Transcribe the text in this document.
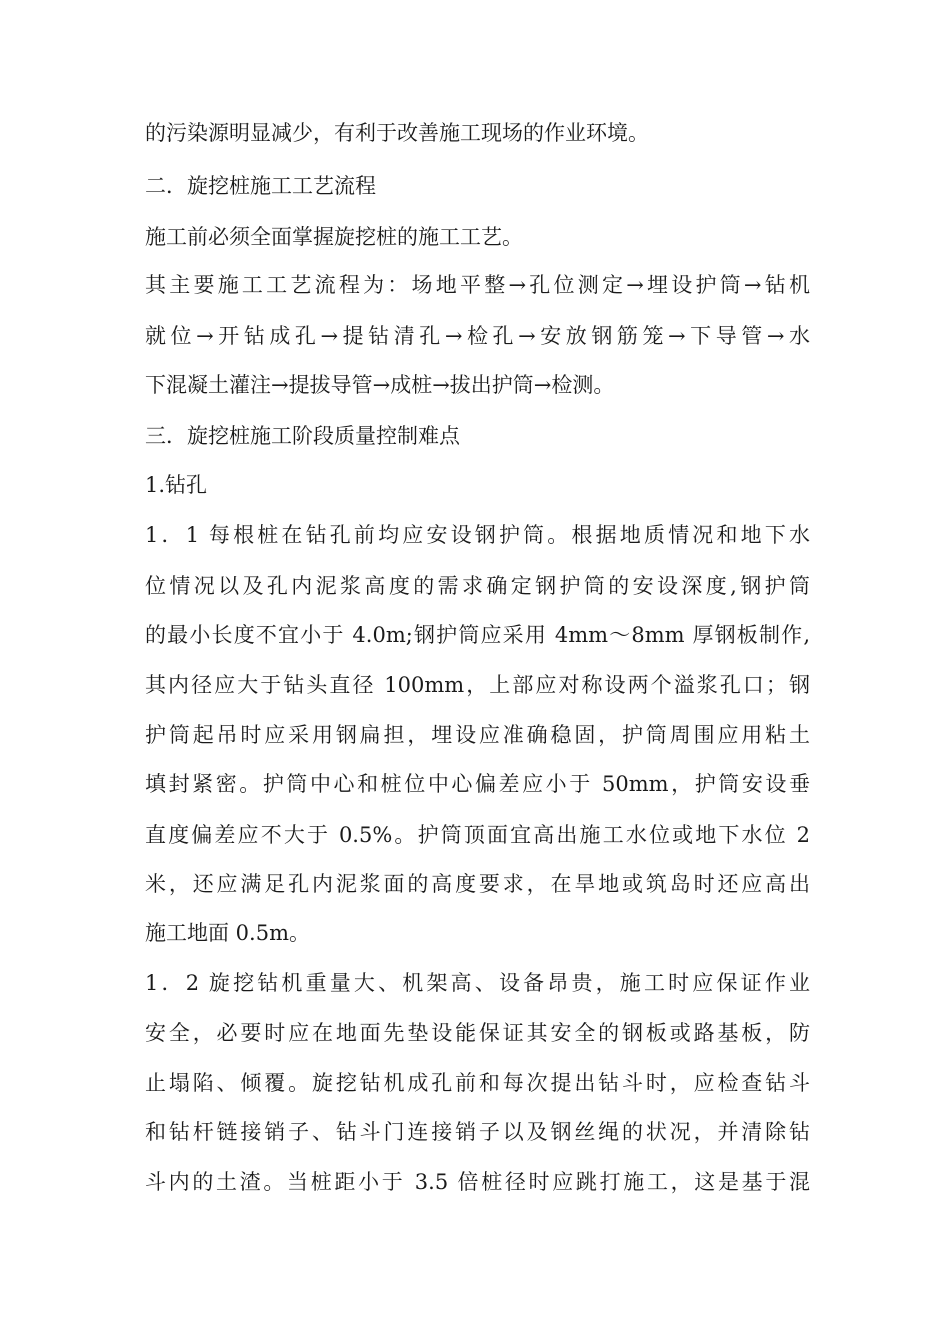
的污染源明显减少，有利于改善施工现场的作业环境。
二．旋挖桩施工工艺流程
施工前必须全面掌握旋挖桩的施工工艺。
其主要施工工艺流程为：场地平整→孔位测定→埋设护筒→钻机
就位→开钻成孔→提钻清孔→检孔→安放钢筋笼→下导管→水
下混凝土灌注→提拔导管→成桩→拔出护筒→检测。
三．旋挖桩施工阶段质量控制难点
1.钻孔
1．1 每根桩在钻孔前均应安设钢护筒。根据地质情况和地下水
位情况以及孔内泥浆高度的需求确定钢护筒的安设深度,钢护筒
的最小长度不宜小于 4.0m;钢护筒应采用 4mm～8mm 厚钢板制作,
其内径应大于钻头直径 100mm，上部应对称设两个溢浆孔口；钢
护筒起吊时应采用钢扁担，埋设应准确稳固，护筒周围应用粘土
填封紧密。护筒中心和桩位中心偏差应小于 50mm，护筒安设垂
直度偏差应不大于 0.5%。护筒顶面宜高出施工水位或地下水位 2
米，还应满足孔内泥浆面的高度要求，在旱地或筑岛时还应高出
施工地面 0.5m。
1．2 旋挖钻机重量大、机架高、设备昂贵，施工时应保证作业
安全，必要时应在地面先垫设能保证其安全的钢板或路基板，防
止塌陷、倾覆。旋挖钻机成孔前和每次提出钻斗时，应检查钻斗
和钻杆链接销子、钻斗门连接销子以及钢丝绳的状况，并清除钻
斗内的土渣。当桩距小于 3.5 倍桩径时应跳打施工，这是基于混
